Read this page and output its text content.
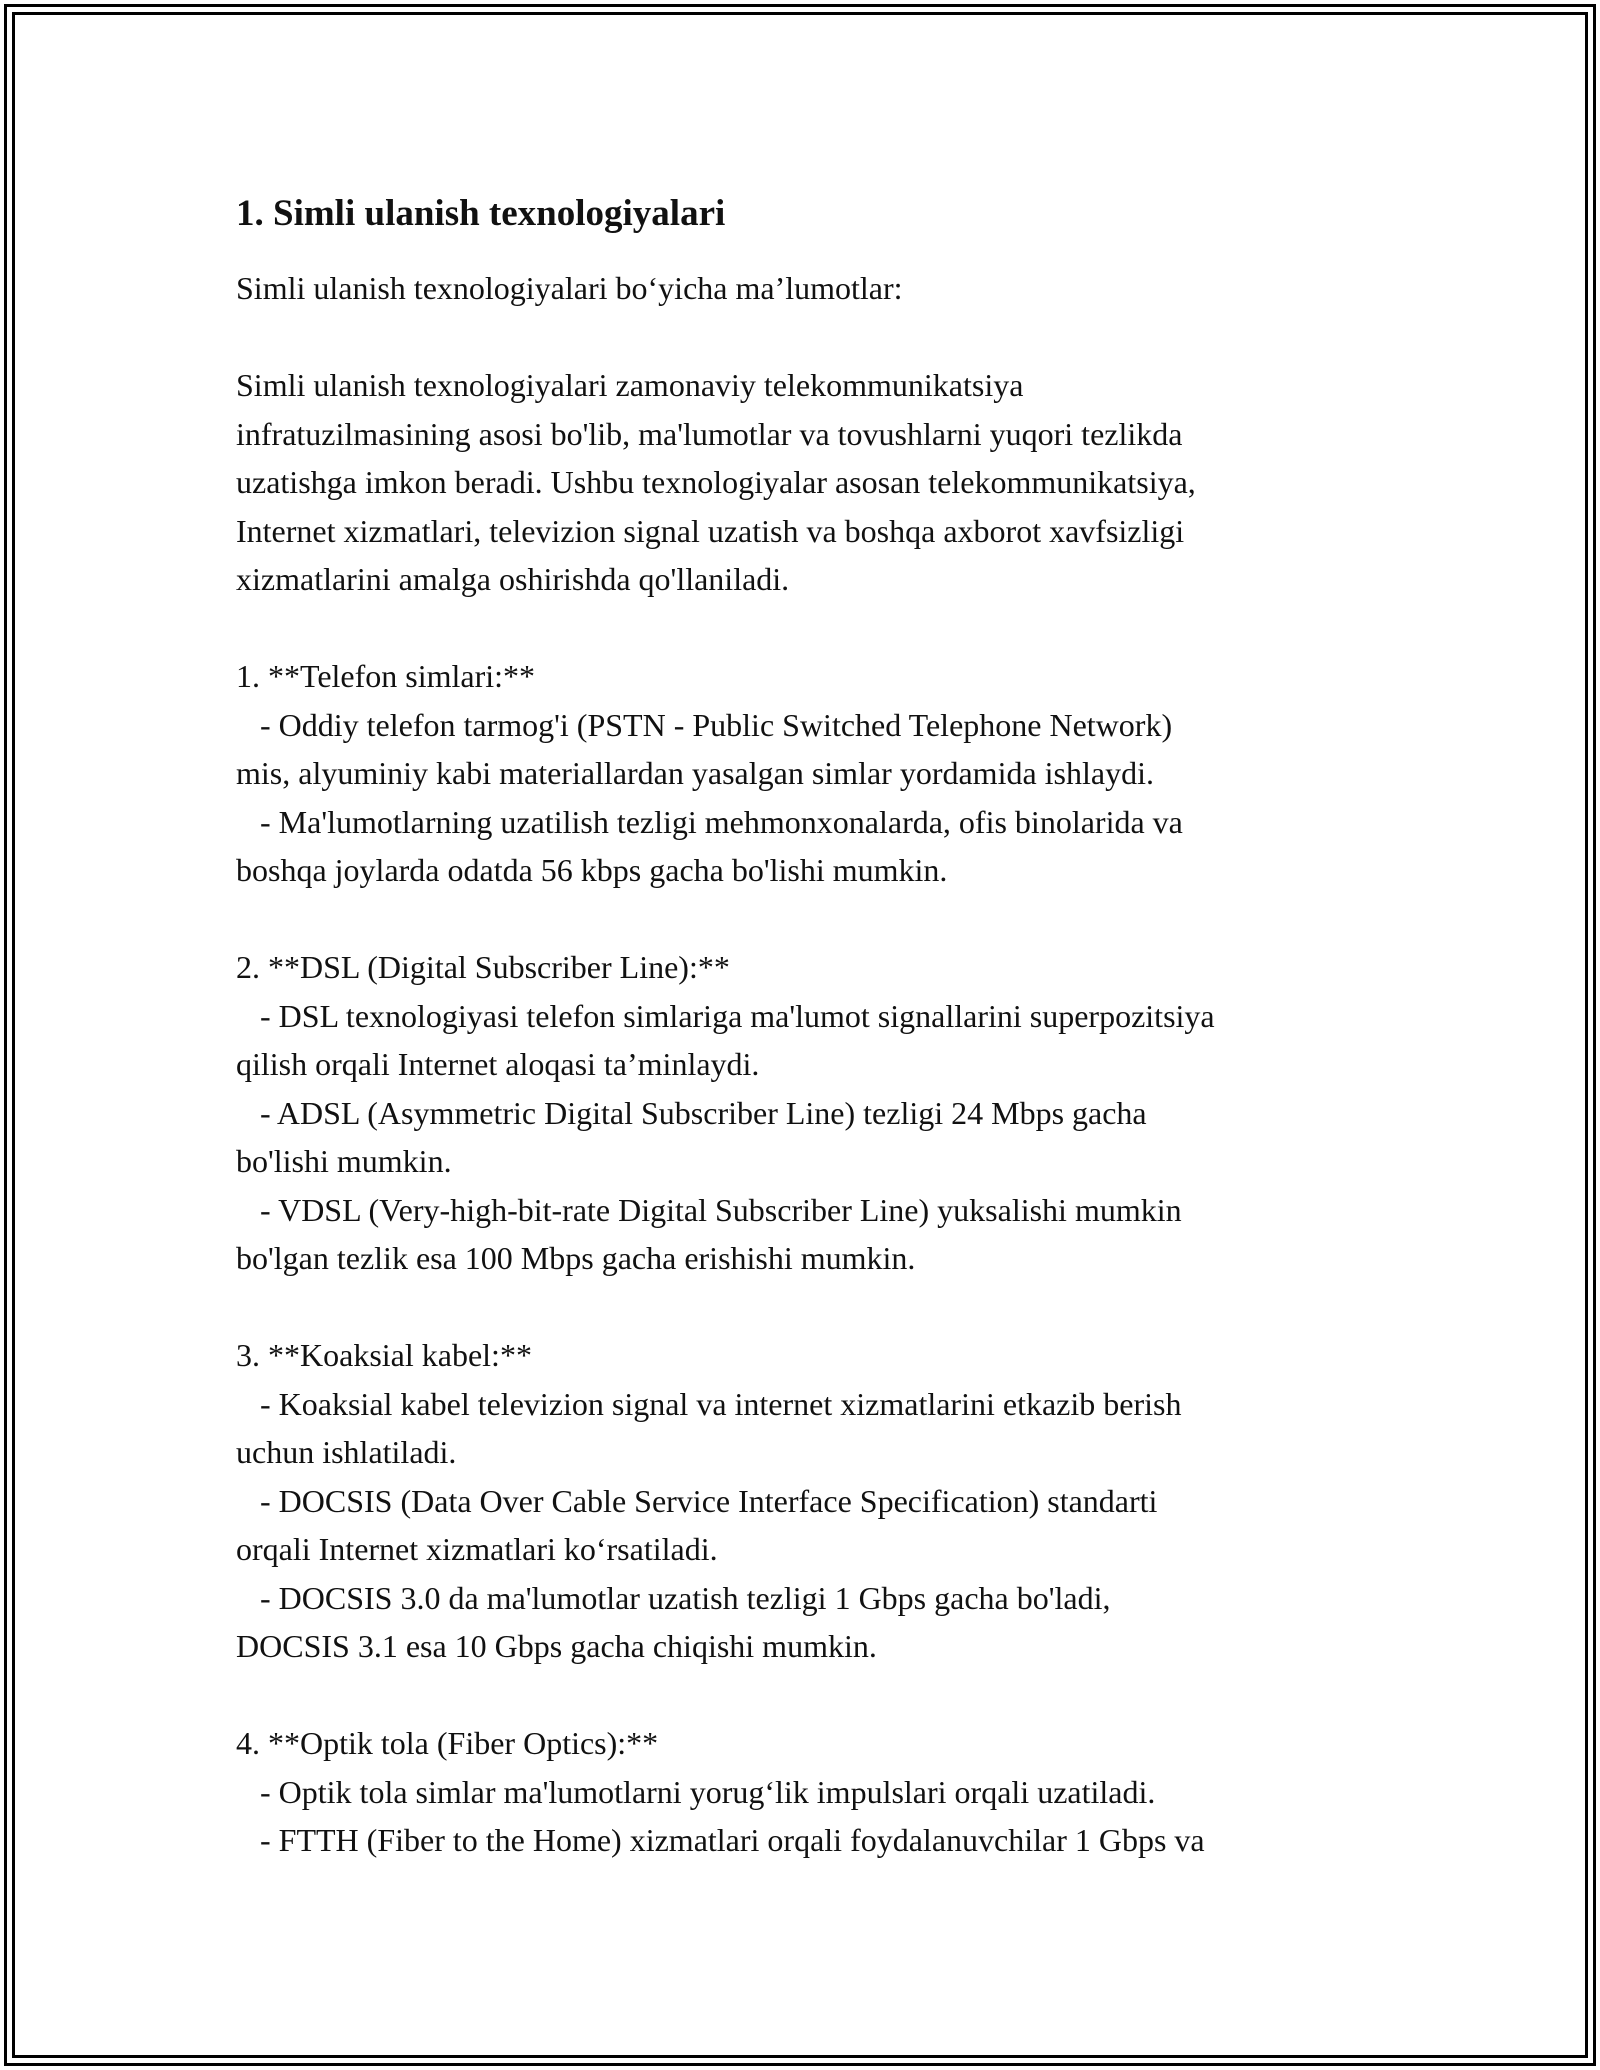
1. Simli ulanish texnologiyalari
Simli ulanish texnologiyalari bo‘yicha ma’lumotlar:
Simli ulanish texnologiyalari zamonaviy telekommunikatsiya
infratuzilmasining asosi bo'lib, ma'lumotlar va tovushlarni yuqori tezlikda
uzatishga imkon beradi. Ushbu texnologiyalar asosan telekommunikatsiya,
Internet xizmatlari, televizion signal uzatish va boshqa axborot xavfsizligi
xizmatlarini amalga oshirishda qo'llaniladi.
1. **Telefon simlari:**
- Oddiy telefon tarmog'i (PSTN - Public Switched Telephone Network)
mis, alyuminiy kabi materiallardan yasalgan simlar yordamida ishlaydi.
- Ma'lumotlarning uzatilish tezligi mehmonxonalarda, ofis binolarida va
boshqa joylarda odatda 56 kbps gacha bo'lishi mumkin.
2. **DSL (Digital Subscriber Line):**
- DSL texnologiyasi telefon simlariga ma'lumot signallarini superpozitsiya
qilish orqali Internet aloqasi ta’minlaydi.
- ADSL (Asymmetric Digital Subscriber Line) tezligi 24 Mbps gacha
bo'lishi mumkin.
- VDSL (Very-high-bit-rate Digital Subscriber Line) yuksalishi mumkin
bo'lgan tezlik esa 100 Mbps gacha erishishi mumkin.
3. **Koaksial kabel:**
- Koaksial kabel televizion signal va internet xizmatlarini etkazib berish
uchun ishlatiladi.
- DOCSIS (Data Over Cable Service Interface Specification) standarti
orqali Internet xizmatlari ko‘rsatiladi.
- DOCSIS 3.0 da ma'lumotlar uzatish tezligi 1 Gbps gacha bo'ladi,
DOCSIS 3.1 esa 10 Gbps gacha chiqishi mumkin.
4. **Optik tola (Fiber Optics):**
- Optik tola simlar ma'lumotlarni yorug‘lik impulslari orqali uzatiladi.
- FTTH (Fiber to the Home) xizmatlari orqali foydalanuvchilar 1 Gbps va
